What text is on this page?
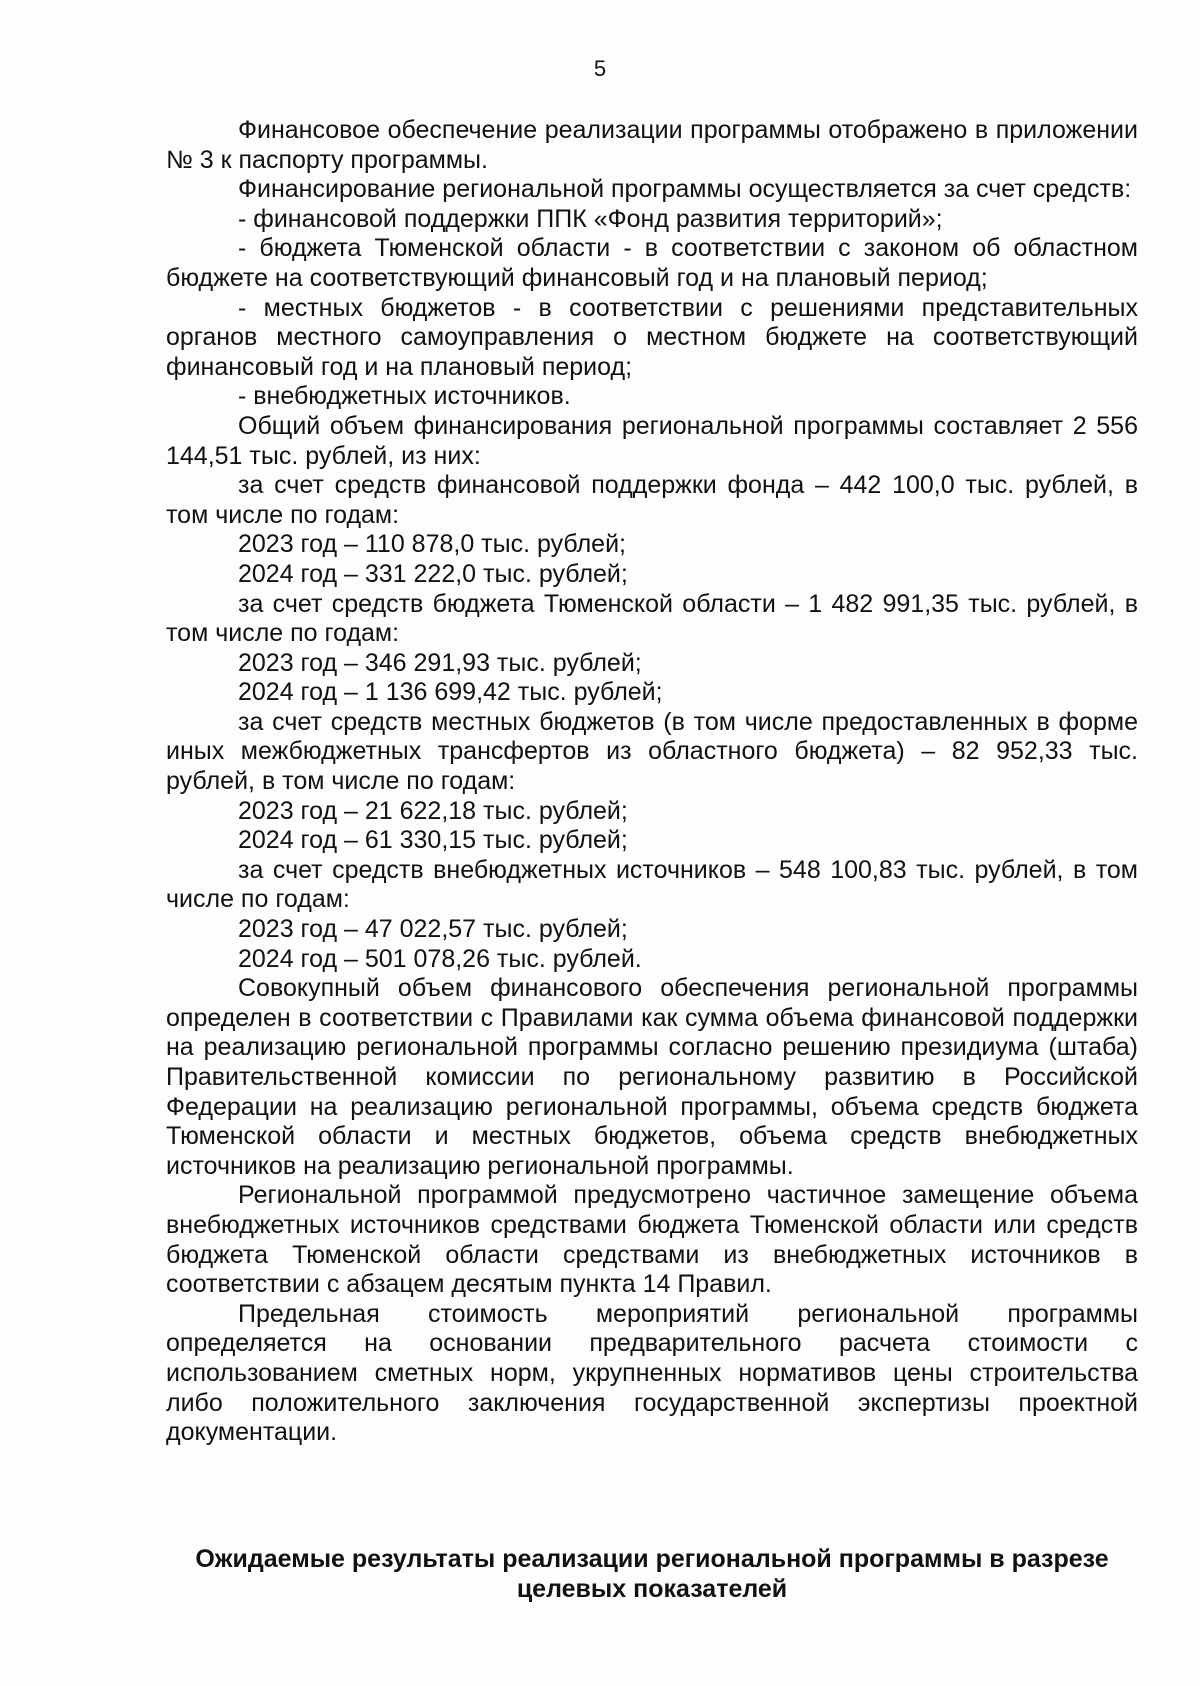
5

Финансовое обеспечение реализации программы отображено в приложении № 3 к паспорту программы.

Финансирование региональной программы осуществляется за счет средств:

- финансовой поддержки ППК «Фонд развития территорий»;

- бюджета Тюменской области - в соответствии с законом об областном бюджете на соответствующий финансовый год и на плановый период;

- местных бюджетов - в соответствии с решениями представительных органов местного самоуправления о местном бюджете на соответствующий финансовый год и на плановый период;

- внебюджетных источников.

Общий объем финансирования региональной программы составляет 2 556 144,51 тыс. рублей, из них:

за счет средств финансовой поддержки фонда – 442 100,0 тыс. рублей, в том числе по годам:

2023 год – 110 878,0 тыс. рублей;

2024 год – 331 222,0 тыс. рублей;

за счет средств бюджета Тюменской области – 1 482 991,35 тыс. рублей, в том числе по годам:

2023 год – 346 291,93 тыс. рублей;

2024 год – 1 136 699,42 тыс. рублей;

за счет средств местных бюджетов (в том числе предоставленных в форме иных межбюджетных трансфертов из областного бюджета) – 82 952,33 тыс. рублей, в том числе по годам:

2023 год – 21 622,18 тыс. рублей;

2024 год – 61 330,15 тыс. рублей;

за счет средств внебюджетных источников – 548 100,83 тыс. рублей, в том числе по годам:

2023 год – 47 022,57 тыс. рублей;

2024 год – 501 078,26 тыс. рублей.

Совокупный объем финансового обеспечения региональной программы определен в соответствии с Правилами как сумма объема финансовой поддержки на реализацию региональной программы согласно решению президиума (штаба) Правительственной комиссии по региональному развитию в Российской Федерации на реализацию региональной программы, объема средств бюджета Тюменской области и местных бюджетов, объема средств внебюджетных источников на реализацию региональной программы.

Региональной программой предусмотрено частичное замещение объема внебюджетных источников средствами бюджета Тюменской области или средств бюджета Тюменской области средствами из внебюджетных источников в соответствии с абзацем десятым пункта 14 Правил.

Предельная стоимость мероприятий региональной программы определяется на основании предварительного расчета стоимости с использованием сметных норм, укрупненных нормативов цены строительства либо положительного заключения государственной экспертизы проектной документации.

Ожидаемые результаты реализации региональной программы в разрезе
целевых показателей
